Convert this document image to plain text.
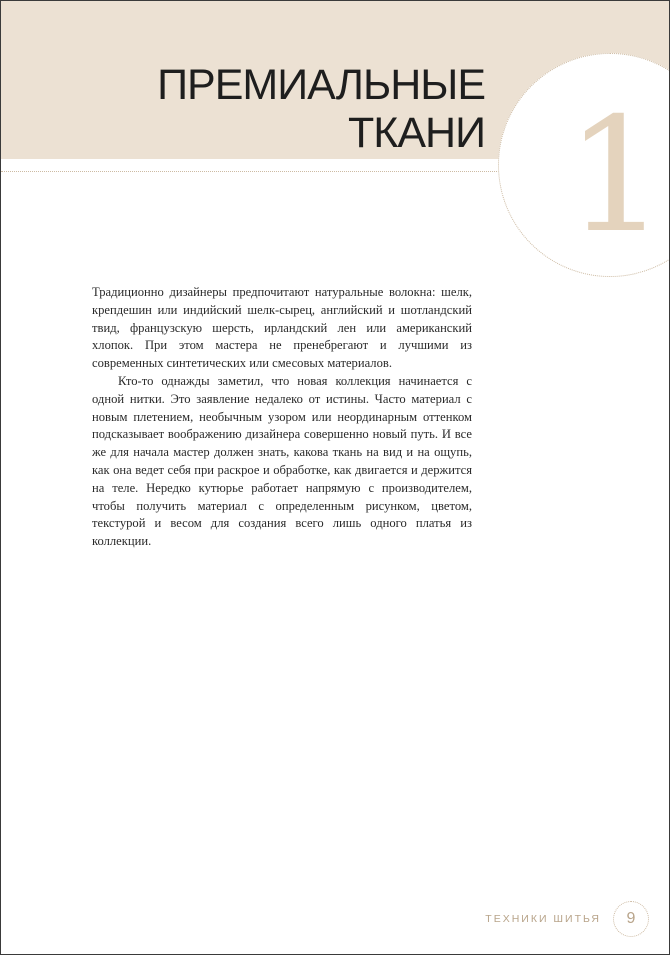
1
ПРЕМИАЛЬНЫЕ
ТКАНИ

Традиционно дизайнеры предпочитают натуральные волокна: шелк, крепдешин или индийский шелк-сырец, английский и шотландский твид, французскую шерсть, ирландский лен или американский хлопок. При этом мастера не пренебрегают и лучшими из современных синтетических или смесовых материалов.

Кто-то однажды заметил, что новая коллекция начинается с одной нитки. Это заявление недалеко от истины. Часто материал с новым плетением, необычным узором или неординарным оттенком подсказывает воображению дизайнера совершенно новый путь. И все же для начала мастер должен знать, какова ткань на вид и на ощупь, как она ведет себя при раскрое и обработке, как двигается и держится на теле. Нередко кутюрье работает напрямую с производителем, чтобы получить материал с определенным рисунком, цветом, текстурой и весом для создания всего лишь одного платья из коллекции.

ТЕХНИКИ ШИТЬЯ	9
